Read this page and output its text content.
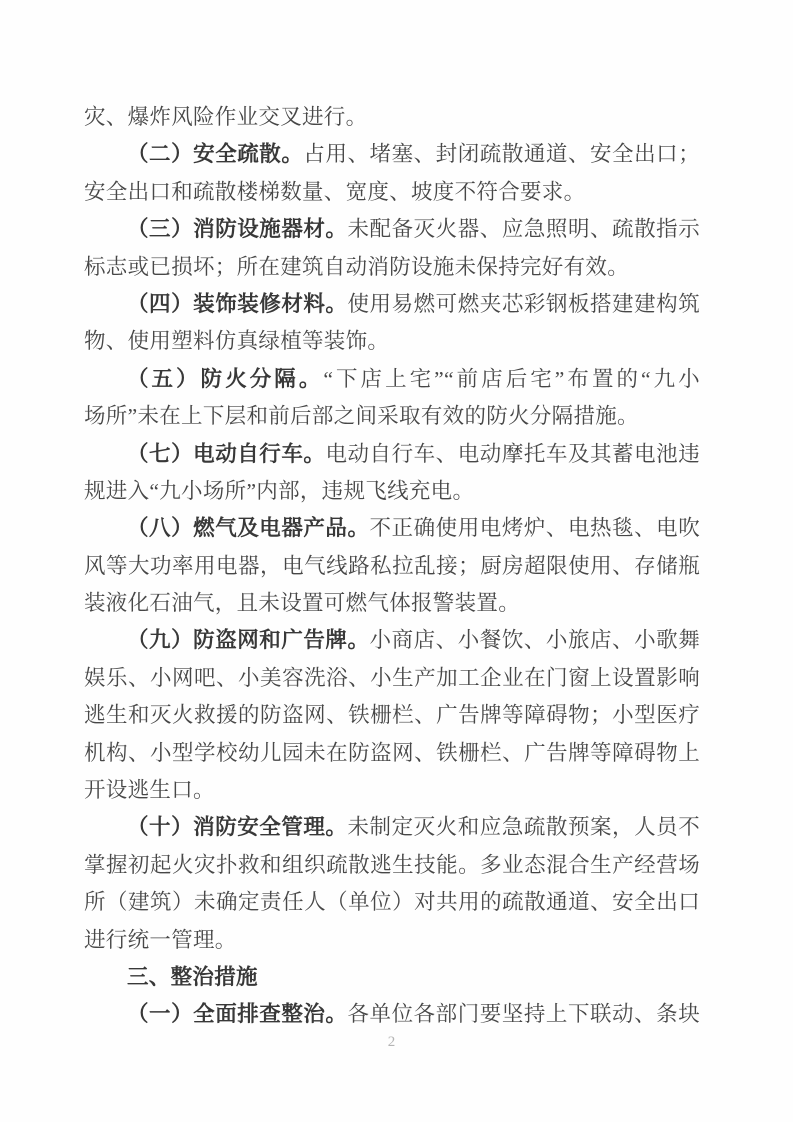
灾、爆炸风险作业交叉进行。
（二）安全疏散。占用、堵塞、封闭疏散通道、安全出口；
安全出口和疏散楼梯数量、宽度、坡度不符合要求。
（三）消防设施器材。未配备灭火器、应急照明、疏散指示
标志或已损坏；所在建筑自动消防设施未保持完好有效。
（四）装饰装修材料。使用易燃可燃夹芯彩钢板搭建建构筑
物、使用塑料仿真绿植等装饰。
（五）防火分隔。“下店上宅”“前店后宅”布置的“九小
场所”未在上下层和前后部之间采取有效的防火分隔措施。
（七）电动自行车。电动自行车、电动摩托车及其蓄电池违
规进入“九小场所”内部，违规飞线充电。
（八）燃气及电器产品。不正确使用电烤炉、电热毯、电吹
风等大功率用电器，电气线路私拉乱接；厨房超限使用、存储瓶
装液化石油气，且未设置可燃气体报警装置。
（九）防盗网和广告牌。小商店、小餐饮、小旅店、小歌舞
娱乐、小网吧、小美容洗浴、小生产加工企业在门窗上设置影响
逃生和灭火救援的防盗网、铁栅栏、广告牌等障碍物；小型医疗
机构、小型学校幼儿园未在防盗网、铁栅栏、广告牌等障碍物上
开设逃生口。
（十）消防安全管理。未制定灭火和应急疏散预案，人员不
掌握初起火灾扑救和组织疏散逃生技能。多业态混合生产经营场
所（建筑）未确定责任人（单位）对共用的疏散通道、安全出口
进行统一管理。
三、整治措施
（一）全面排查整治。各单位各部门要坚持上下联动、条块
2
